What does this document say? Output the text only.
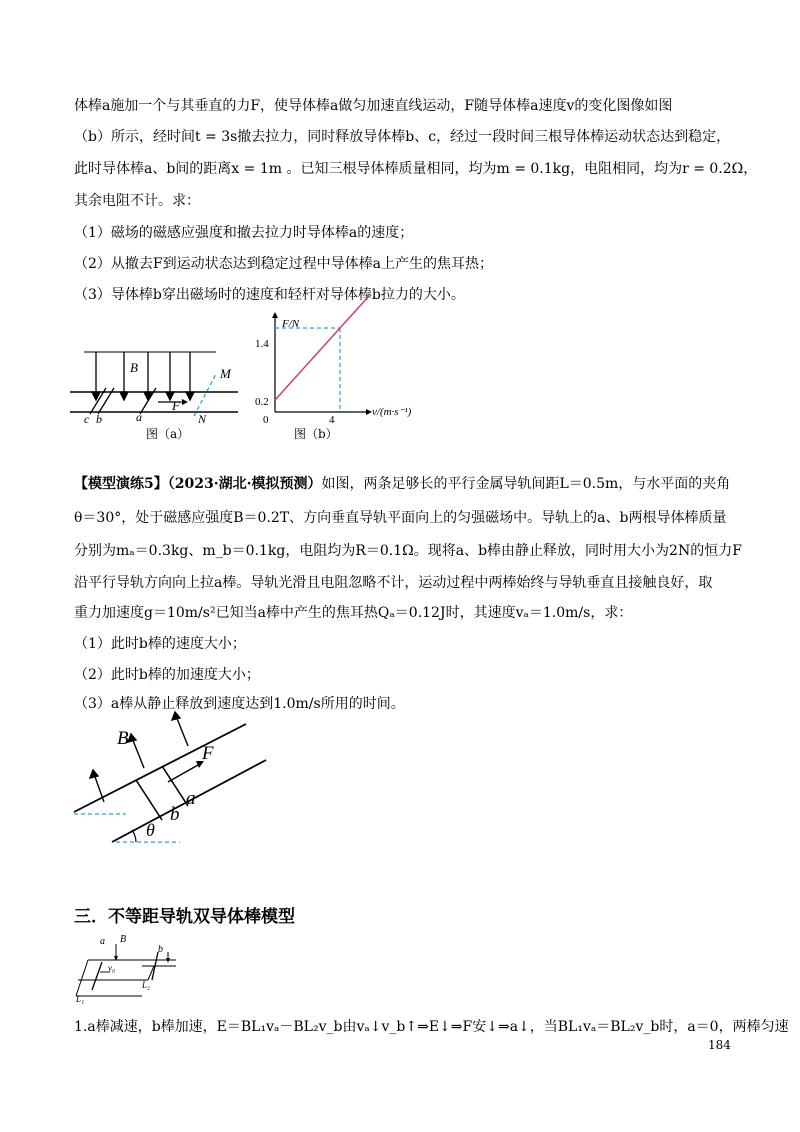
体棒a施加一个与其垂直的力F，使导体棒a做匀加速直线运动，F随导体棒a速度v的变化图像如图
（b）所示，经时间t = 3s撤去拉力，同时释放导体棒b、c，经过一段时间三根导体棒运动状态达到稳定，
此时导体棒a、b间的距离x = 1m 。已知三根导体棒质量相同，均为m = 0.1kg，电阻相同，均为r = 0.2Ω，
其余电阻不计。求：
（1）磁场的磁感应强度和撤去拉力时导体棒a的速度；
（2）从撤去F到运动状态达到稳定过程中导体棒a上产生的焦耳热；
（3）导体棒b穿出磁场时的速度和轻杆对导体棒b拉力的大小。
B	M
F
c b	a	N
图（a）
F/N
1.4
0.2
0	4
v/(m·s⁻¹)
图（b）
【模型演练5】（2023·湖北·模拟预测）如图，两条足够长的平行金属导轨间距L＝0.5m，与水平面的夹角
θ＝30°，处于磁感应强度B＝0.2T、方向垂直导轨平面向上的匀强磁场中。导轨上的a、b两根导体棒质量
分别为mₐ＝0.3kg、m_b＝0.1kg，电阻均为R＝0.1Ω。现将a、b棒由静止释放，同时用大小为2N的恒力F
沿平行导轨方向向上拉a棒。导轨光滑且电阻忽略不计，运动过程中两棒始终与导轨垂直且接触良好，取
重力加速度g＝10m/s²已知当a棒中产生的焦耳热Qₐ＝0.12J时，其速度vₐ＝1.0m/s，求：
（1）此时b棒的速度大小；
（2）此时b棒的加速度大小；
（3）a棒从静止释放到速度达到1.0m/s所用的时间。
B
F
a
b
θ
三．不等距导轨双导体棒模型
a B
v₀
b
L₁
L₂
1.a棒减速，b棒加速，E＝BL₁vₐ－BL₂v_b由vₐ↓v_b↑⇒E↓⇒F安↓⇒a↓，当BL₁vₐ＝BL₂v_b时，a＝0，两棒匀速
184
